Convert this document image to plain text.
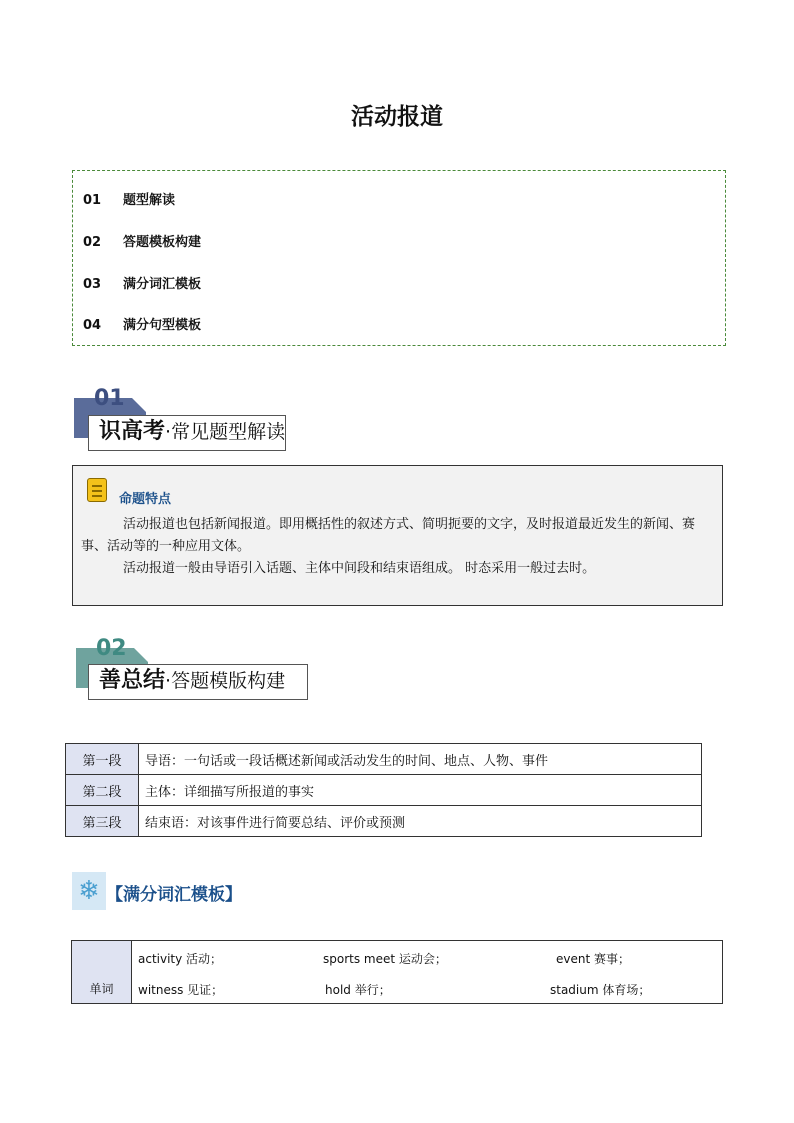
活动报道
01 题型解读
02 答题模板构建
03 满分词汇模板
04 满分句型模板
01
识高考·常见题型解读
命题特点

活动报道也包括新闻报道。即用概括性的叙述方式、简明扼要的文字，及时报道最近发生的新闻、赛事、活动等的一种应用文体。

活动报道一般由导语引入话题、主体中间段和结束语组成。 时态采用一般过去时。

02
善总结·答题模版构建
第一段	导语：一句话或一段话概述新闻或活动发生的时间、地点、人物、事件
第二段	主体：详细描写所报道的事实
第三段	结束语：对该事件进行简要总结、评价或预测
❄ 【满分词汇模板】
单词	
activity 活动；	sports meet 运动会；	event 赛事；
witness 见证；	hold 举行；	stadium 体育场；
